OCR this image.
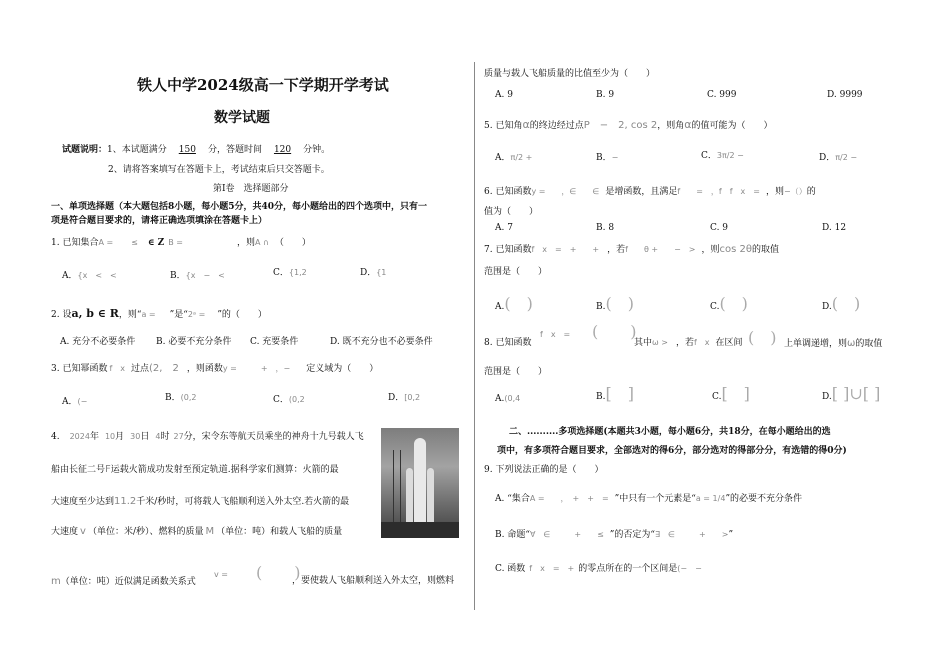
铁人中学2024级高一下学期开学考试
数学试题
试题说明：1、本试题满分 150 分，答题时间 120 分钟。
2、请将答案填写在答题卡上，考试结束后只交答题卡。
第Ⅰ卷　选择题部分
一、单项选择题（本大题包括8小题，每小题5分，共40分，每小题给出的四个选项中，只有一
项是符合题目要求的，请将正确选项填涂在答题卡上）
1. 已知集合A = ≤ ∈ Z B =	，则A ∩ （　　）
A．{x　<　<	B．{x　−　<	C．{1,2	D．{1
2. 设a, b ∈ R，则“a = ”是“2ᵃ = ”的（　　）
A. 充分不必要条件 B. 必要不充分条件 C. 充要条件	D. 既不充分也不必要条件
3. 已知幂函数 f　x 过点(2,　2 ，则函数y =	+　，− 定义域为（　　）
A．(−	B．(0,2	C．(0,2	D．[0,2
4. 2024年 10月 30日 4时 27分，宋令东等航天员乘坐的神舟十九号载人飞
船由长征二号F运载火箭成功发射至预定轨道.据科学家们测算：火箭的最
大速度至少达到11.2千米/秒时，可将载人飞船顺利送入外太空.若火箭的最
大速度 v （单位：米/秒）、燃料的质量 M （单位：吨）和载人飞船的质量
m（单位：吨）近似满足函数关系式
v = (　　)
，要使载人飞船顺利送入外太空，则燃料
质量与载人飞船质量的比值至少为（　　）
A. 9	B. 9	C. 999	D. 9999
5. 已知角α的终边经过点P　−　2, cos 2，则角α的值可能为（　　）
A．π/2 +	B．−	C．3π/2 −	D．π/2 −
6. 已知函数y =　　，∈　　∈ 是增函数，且满足f　　=　，f　f　x　= ，则−（）的
值为（　　）
A. 7	B. 8	C. 9	D. 12
7. 已知函数f　x　=　+　　+ ，若f　　θ +　　−　> ，则cos 2θ的取值
范围是（　　）
A.(　)	B.(　)	C.(　)	D.(　)
8. 已知函数
f　x　= (　　)
其中ω > ，若f　x 在区间 (　) 上单调递增，则ω的取值
范围是（　　）
A.(0,4	B.[　]	C.[　]	D.[ ]∪[ ]
二、..........多项选择题(本题共3小题，每小题6分，共18分，在每小题给出的选
项中，有多项符合题目要求，全部选对的得6分，部分选对的得部分分，有选错的得0分)
9. 下列说法正确的是（　　）
A. “集合A =　　，　+　+　= ”中只有一个元素是“a = 1/4”的必要不充分条件
B. 命题“∀　∈　　　+　　≤ ”的否定为“∃　∈　　　+　　>”
C. 函数 f　x　=　+ 的零点所在的一个区间是(−　−
